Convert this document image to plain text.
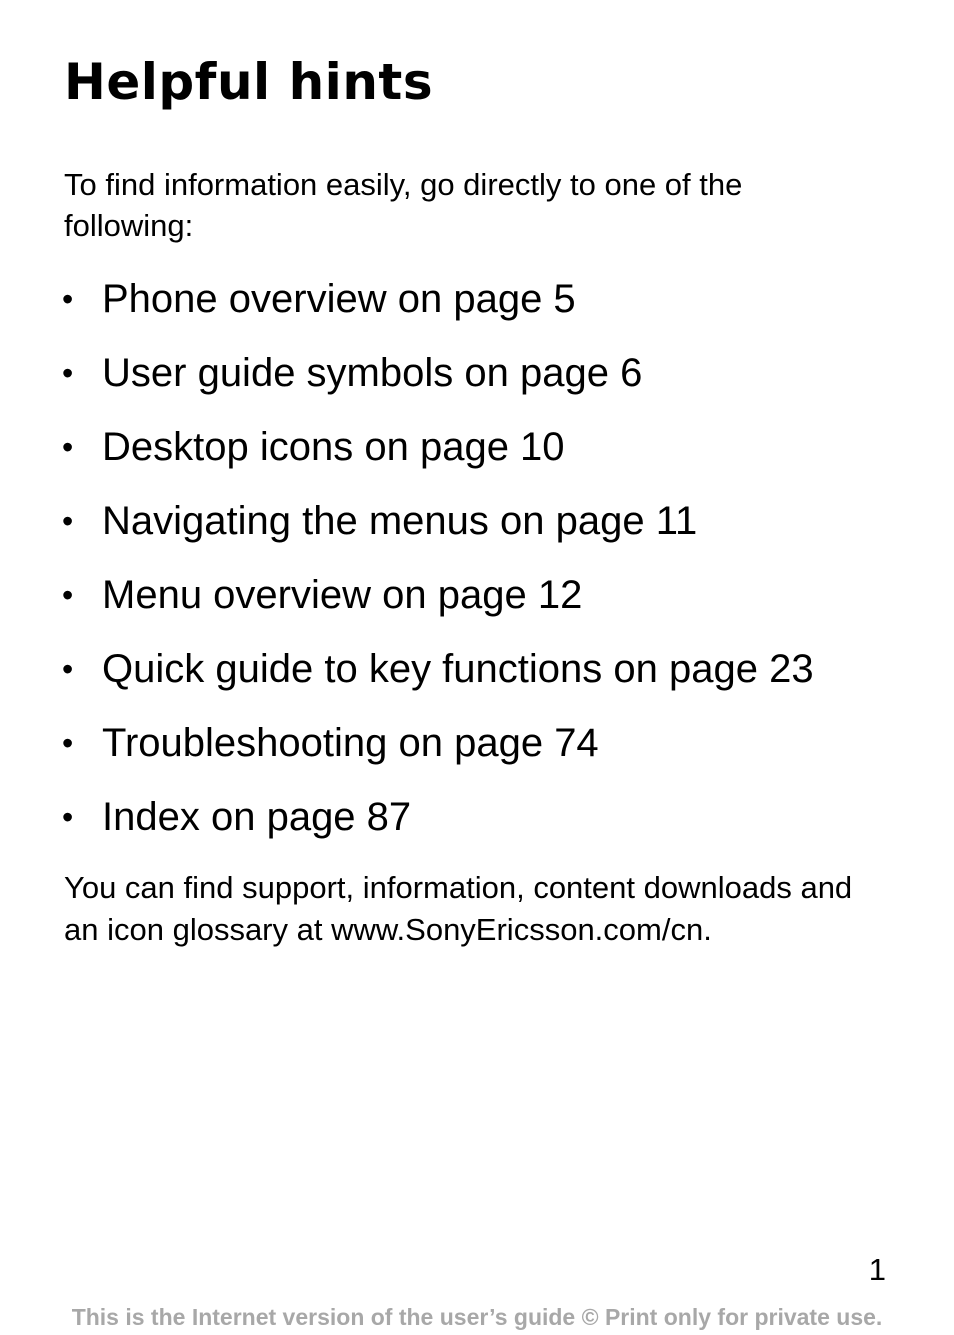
Helpful hints

To find information easily, go directly to one of the following:

• Phone overview on page 5
• User guide symbols on page 6
• Desktop icons on page 10
• Navigating the menus on page 11
• Menu overview on page 12
• Quick guide to key functions on page 23
• Troubleshooting on page 74
• Index on page 87

You can find support, information, content downloads and an icon glossary at www.SonyEricsson.com/cn.

1
This is the Internet version of the user’s guide © Print only for private use.
